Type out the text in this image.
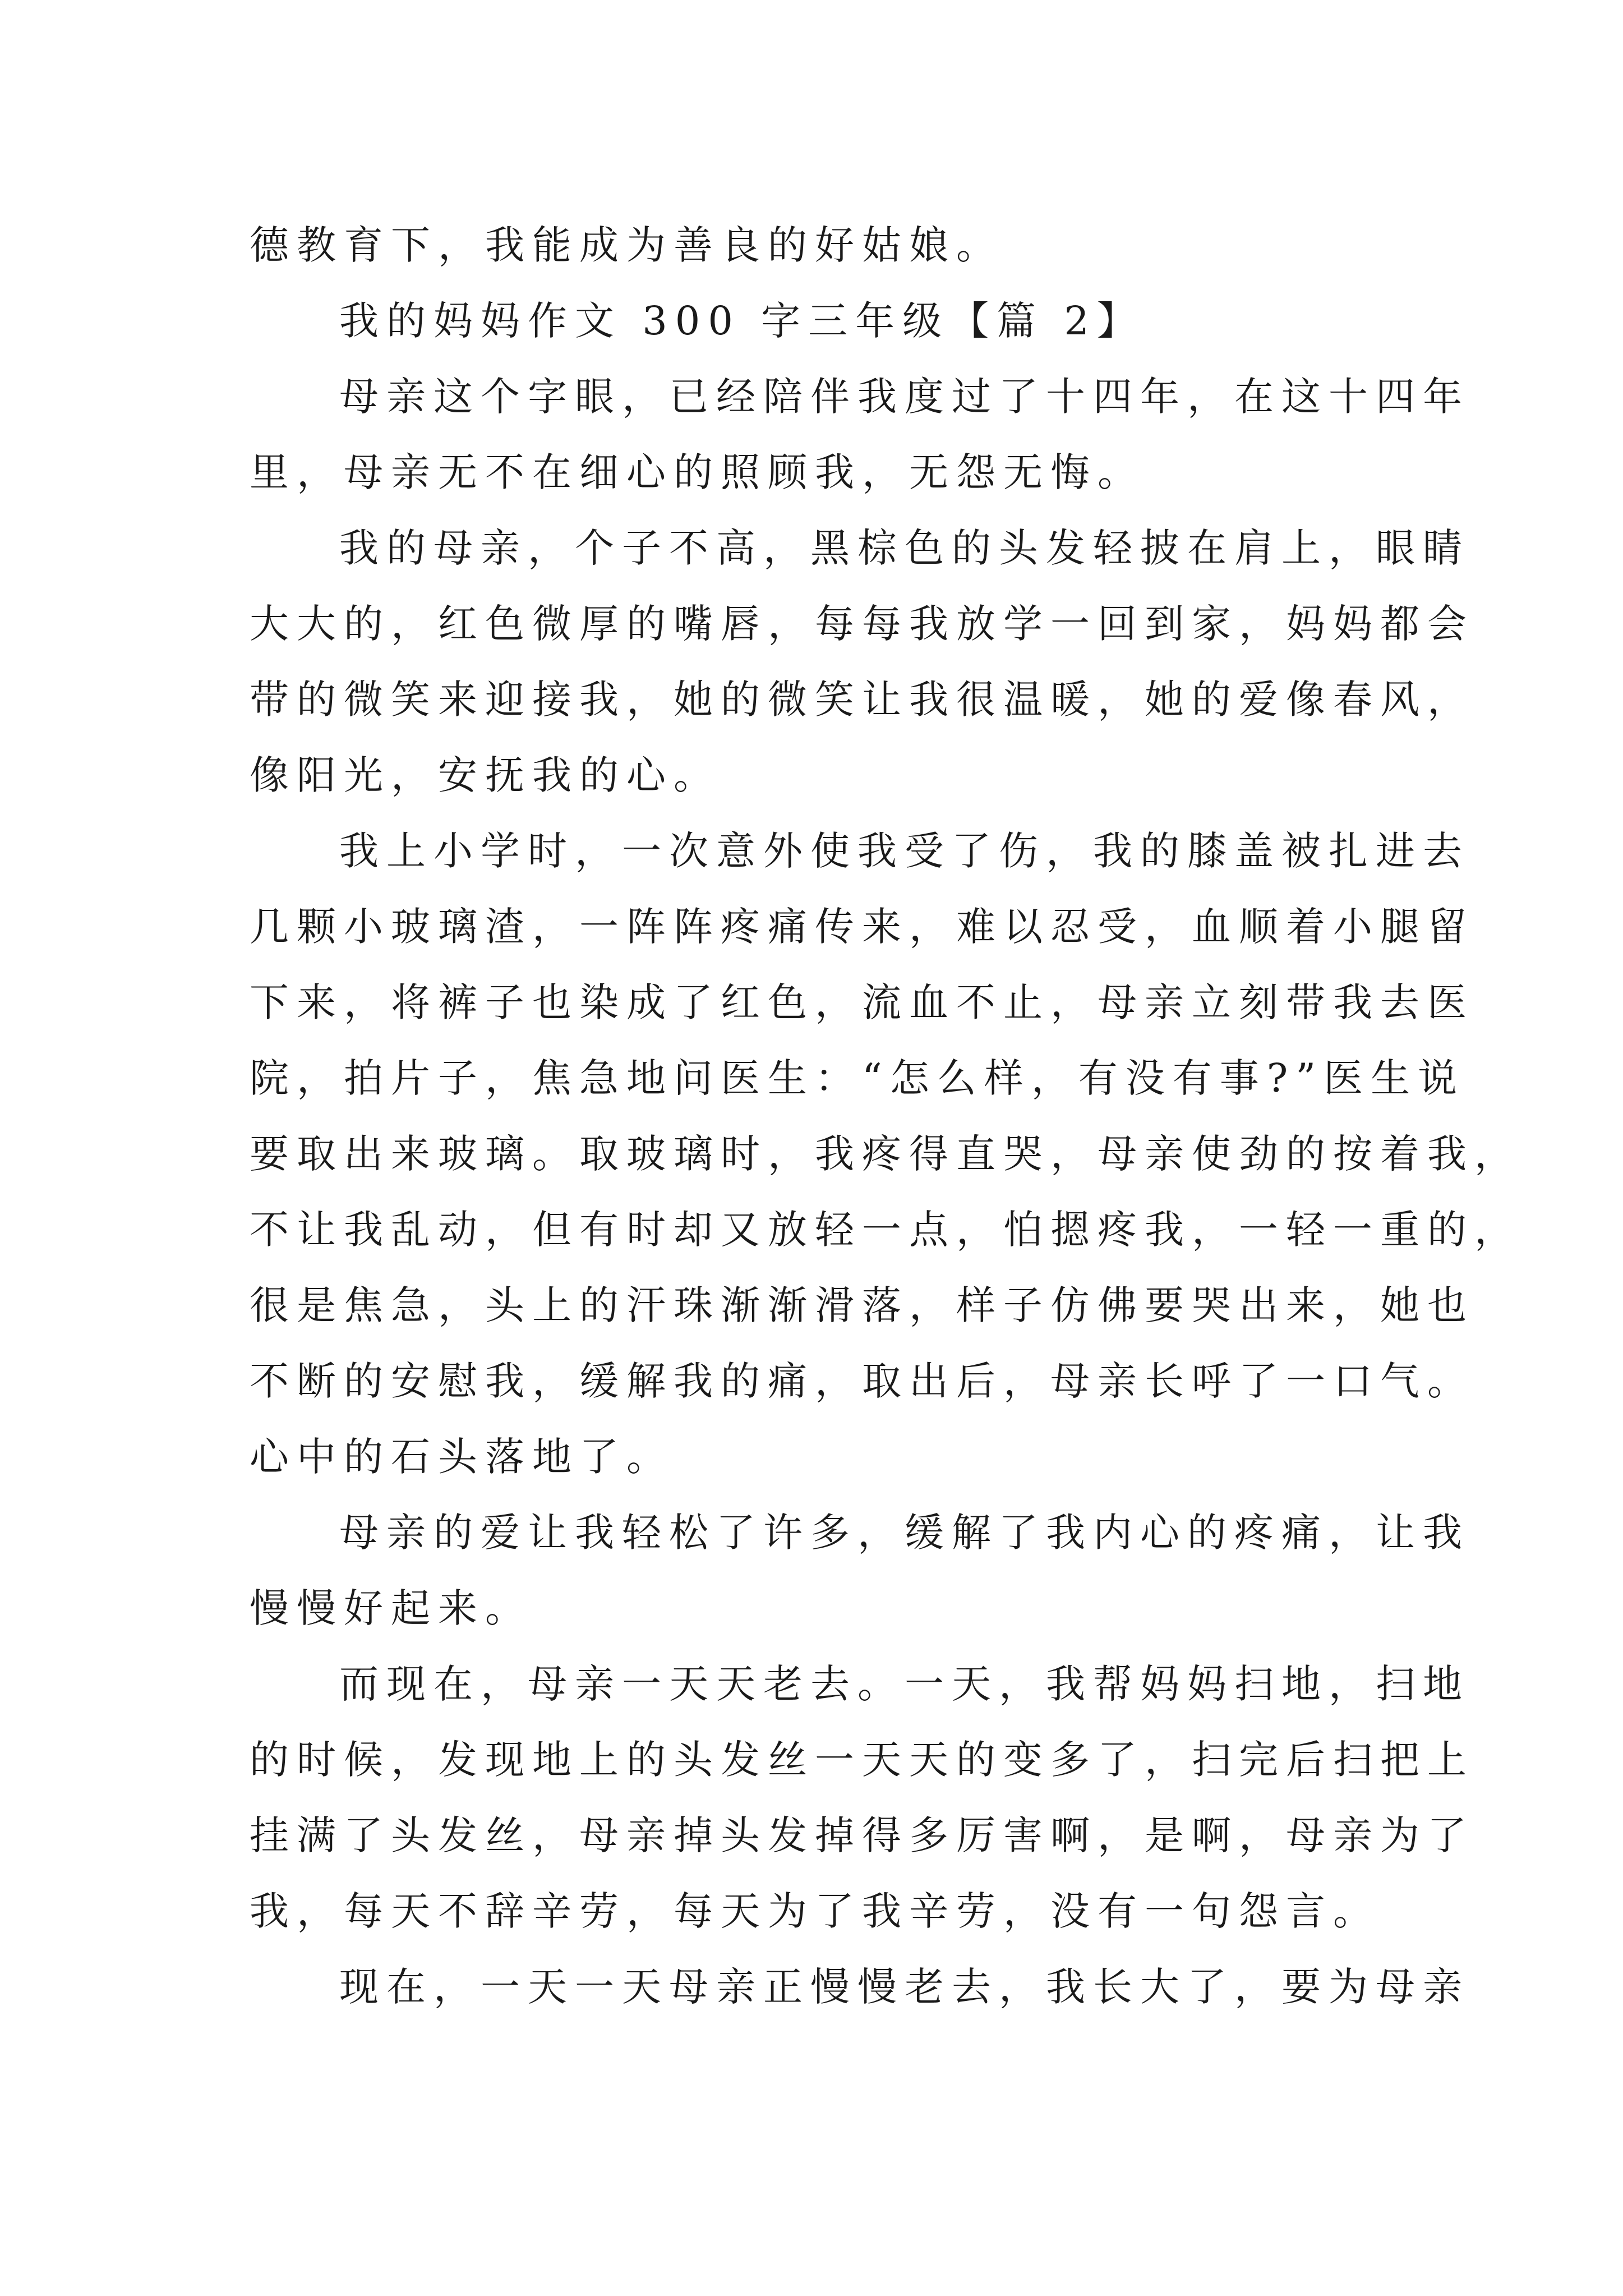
德教育下，我能成为善良的好姑娘。
我的妈妈作文 300 字三年级【篇 2】
母亲这个字眼，已经陪伴我度过了十四年，在这十四年
里，母亲无不在细心的照顾我，无怨无悔。
我的母亲，个子不高，黑棕色的头发轻披在肩上，眼睛
大大的，红色微厚的嘴唇，每每我放学一回到家，妈妈都会
带的微笑来迎接我，她的微笑让我很温暖，她的爱像春风，
像阳光，安抚我的心。
我上小学时，一次意外使我受了伤，我的膝盖被扎进去
几颗小玻璃渣，一阵阵疼痛传来，难以忍受，血顺着小腿留
下来，将裤子也染成了红色，流血不止，母亲立刻带我去医
院，拍片子，焦急地问医生：“怎么样，有没有事?”医生说
要取出来玻璃。取玻璃时，我疼得直哭，母亲使劲的按着我，
不让我乱动，但有时却又放轻一点，怕摁疼我，一轻一重的，
很是焦急，头上的汗珠渐渐滑落，样子仿佛要哭出来，她也
不断的安慰我，缓解我的痛，取出后，母亲长呼了一口气。
心中的石头落地了。
母亲的爱让我轻松了许多，缓解了我内心的疼痛，让我
慢慢好起来。
而现在，母亲一天天老去。一天，我帮妈妈扫地，扫地
的时候，发现地上的头发丝一天天的变多了，扫完后扫把上
挂满了头发丝，母亲掉头发掉得多厉害啊，是啊，母亲为了
我，每天不辞辛劳，每天为了我辛劳，没有一句怨言。
现在，一天一天母亲正慢慢老去，我长大了，要为母亲
